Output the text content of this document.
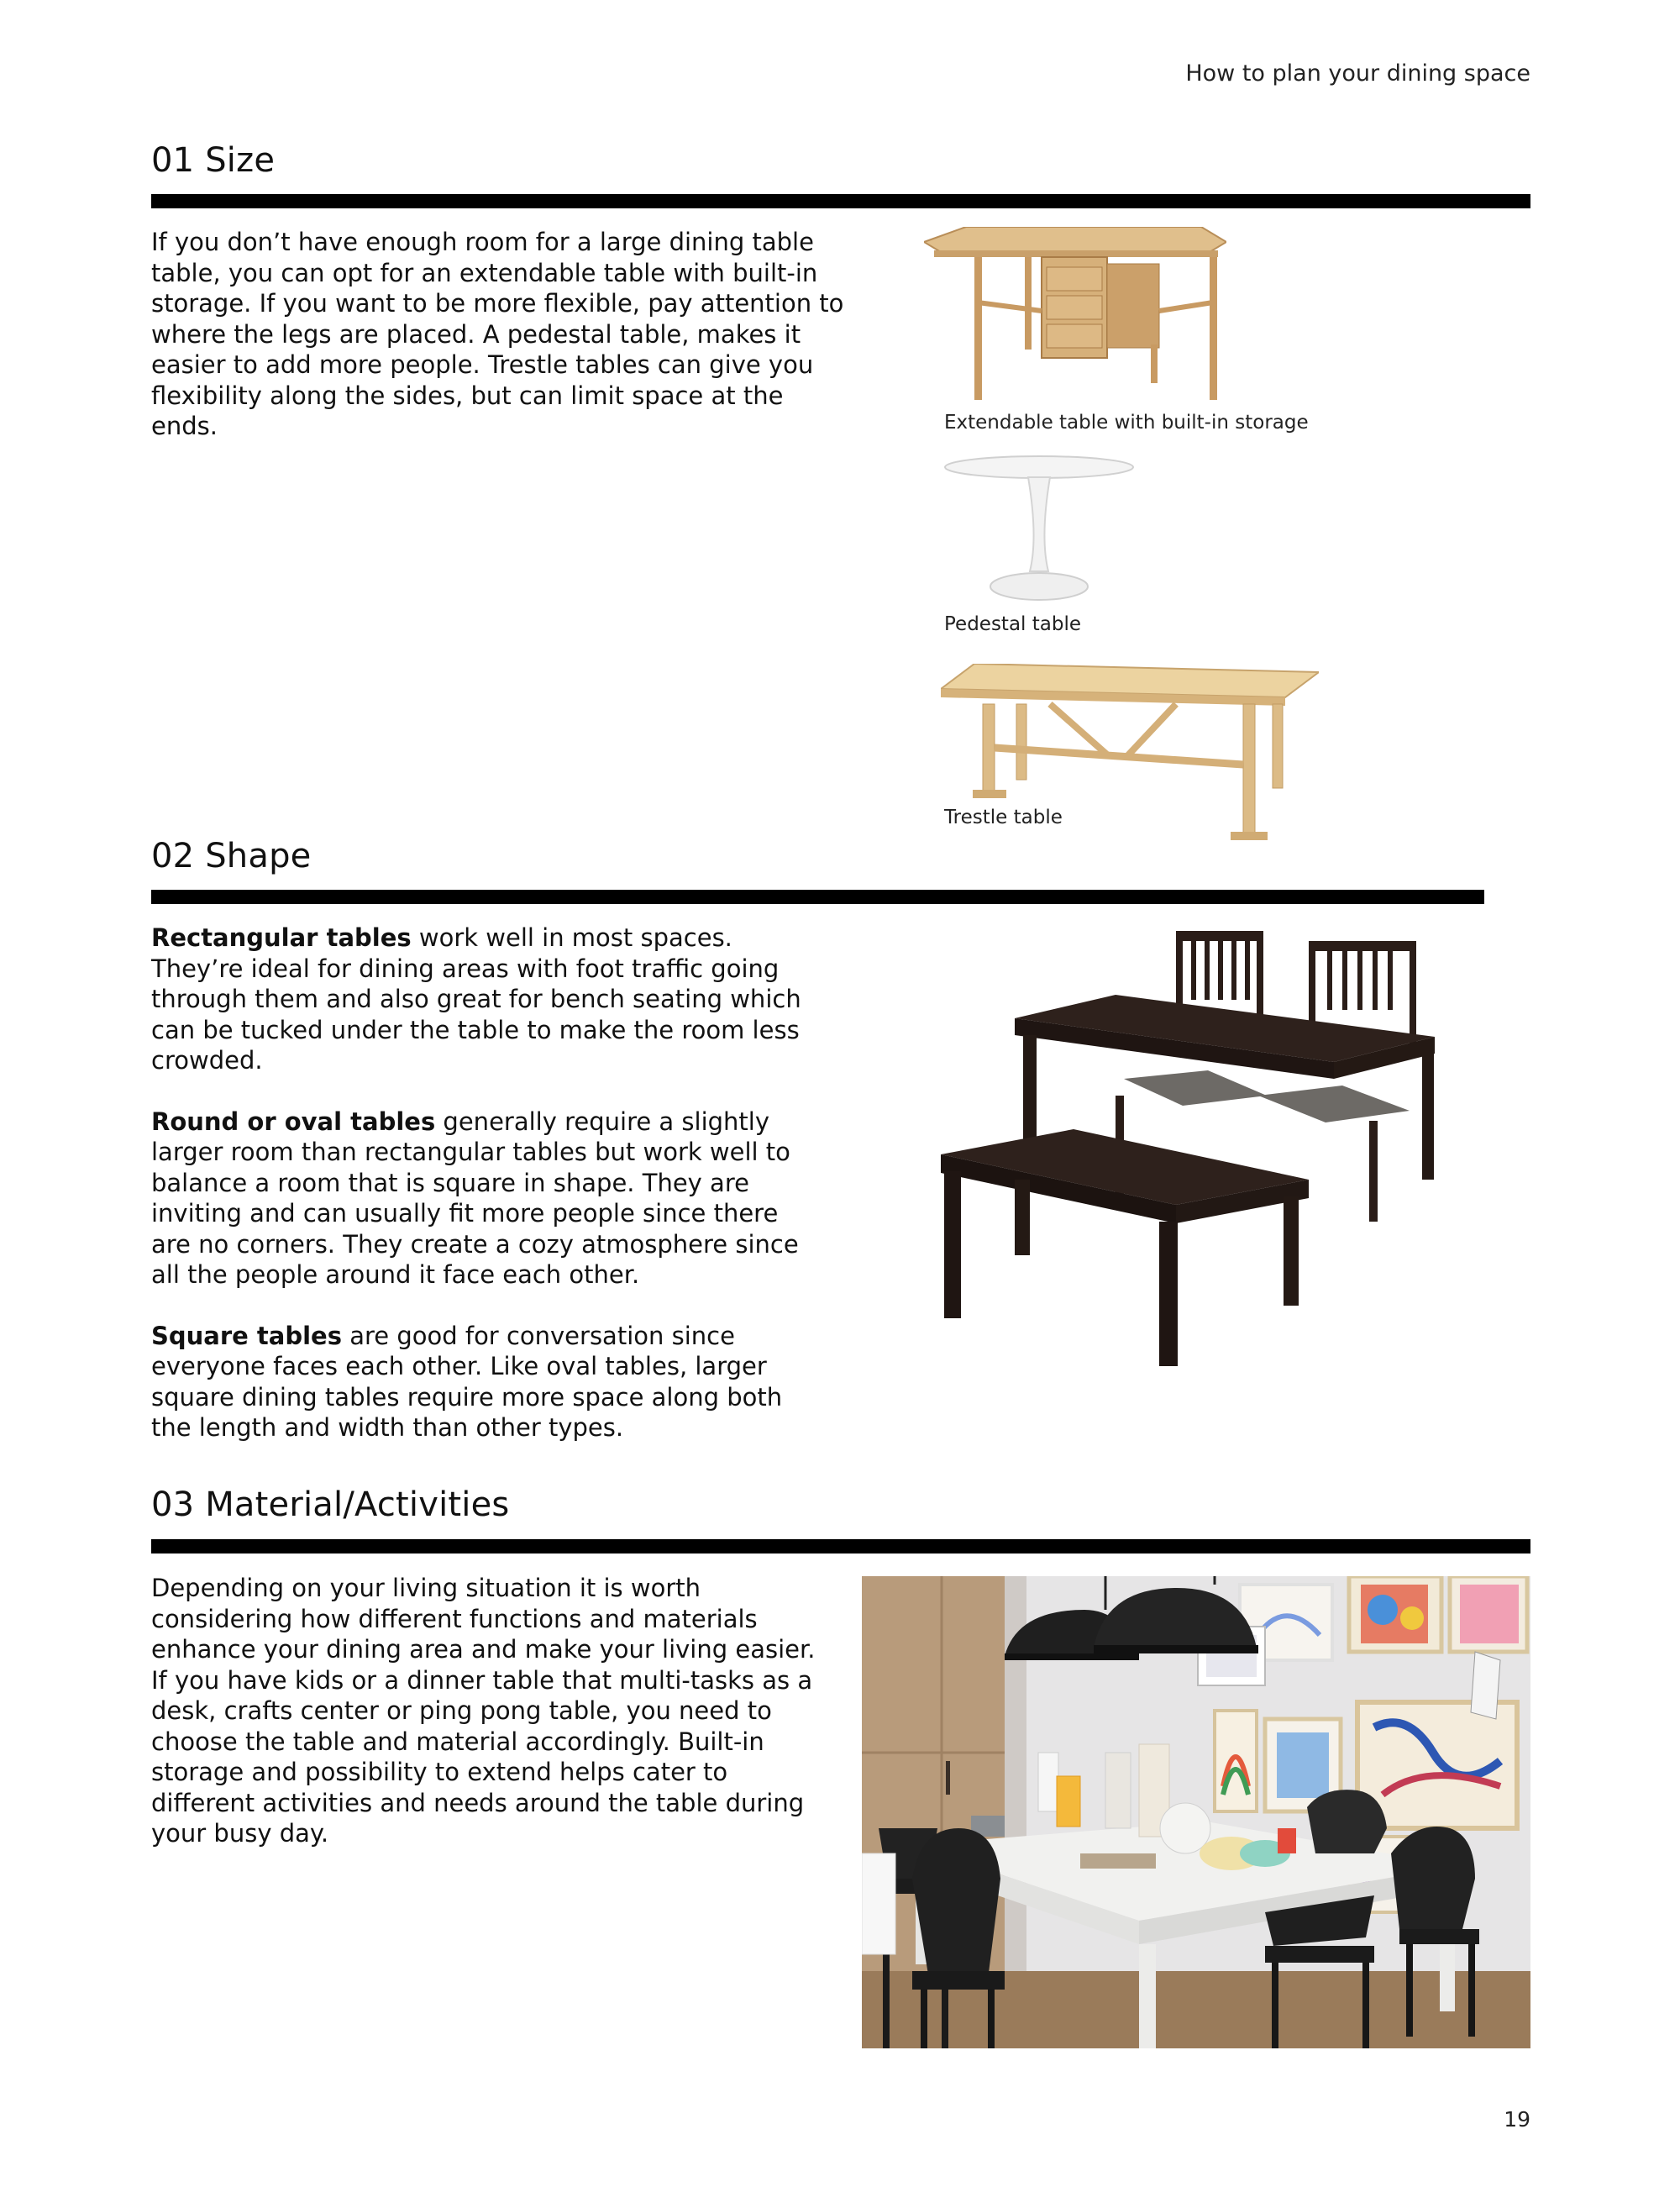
How to plan your dining space
01 Size

If you don’t have enough room for a large dining table table, you can opt for an extendable table with built-in storage. If you want to be more flexible, pay attention to where the legs are placed. A pedestal table, makes it easier to add more people. Trestle tables can give you flexibility along the sides, but can limit space at the ends.	Extendable table with built-in storage
Pedestal table
Trestle table
02 Shape

Rectangular tables work well in most spaces. They’re ideal for dining areas with foot traffic going through them and also great for bench seating which can be tucked under the table to make the room less crowded.

Round or oval tables generally require a slightly larger room than rectangular tables but work well to balance a room that is square in shape. They are inviting and can usually fit more people since there are no corners. They create a cozy atmosphere since all the people around it face each other.

Square tables are good for conversation since everyone faces each other. Like oval tables, larger square dining tables require more space along both the length and width than other types.

03 Material/Activities

Depending on your living situation it is worth considering how different functions and materials enhance your dining area and make your living easier. If you have kids or a dinner table that multi-tasks as a desk, crafts center or ping pong table, you need to choose the table and material accordingly. Built-in storage and possibility to extend helps cater to different activities and needs around the table during your busy day.

19
